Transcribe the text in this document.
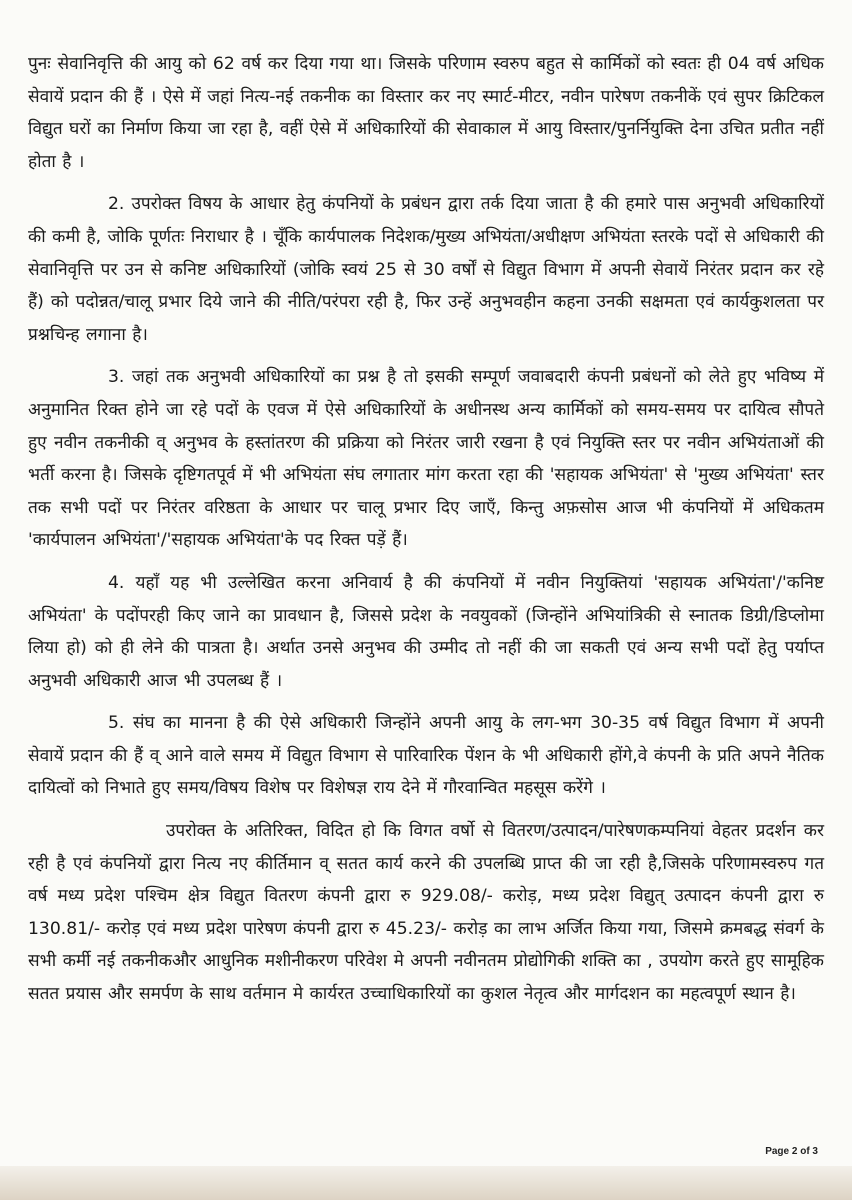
पुनः सेवानिवृत्ति की आयु को 62 वर्ष कर दिया गया था। जिसके परिणाम स्वरुप बहुत से कार्मिकों को स्वतः ही 04 वर्ष अधिक सेवायें प्रदान की हैं । ऐसे में जहां नित्य-नई तकनीक का विस्तार कर नए स्मार्ट-मीटर, नवीन पारेषण तकनीकें एवं सुपर क्रिटिकल विद्युत घरों का निर्माण किया जा रहा है, वहीं ऐसे में अधिकारियों की सेवाकाल में आयु विस्तार/पुनर्नियुक्ति देना उचित प्रतीत नहीं होता है ।

2. उपरोक्त विषय के आधार हेतु कंपनियों के प्रबंधन द्वारा तर्क दिया जाता है की हमारे पास अनुभवी अधिकारियों की कमी है, जोकि पूर्णतः निराधार है । चूँकि कार्यपालक निदेशक/मुख्य अभियंता/अधीक्षण अभियंता स्तरके पदों से अधिकारी की सेवानिवृत्ति पर उन से कनिष्ट अधिकारियों (जोकि स्वयं 25 से 30 वर्षों से विद्युत विभाग में अपनी सेवायें निरंतर प्रदान कर रहे हैं) को पदोन्नत/चालू प्रभार दिये जाने की नीति/परंपरा रही है, फिर उन्हें अनुभवहीन कहना उनकी सक्षमता एवं कार्यकुशलता पर प्रश्नचिन्ह लगाना है।

3. जहां तक अनुभवी अधिकारियों का प्रश्न है तो इसकी सम्पूर्ण जवाबदारी कंपनी प्रबंधनों को लेते हुए भविष्य में अनुमानित रिक्त होने जा रहे पदों के एवज में ऐसे अधिकारियों के अधीनस्थ अन्य कार्मिकों को समय-समय पर दायित्व सौपते हुए नवीन तकनीकी व् अनुभव के हस्तांतरण की प्रक्रिया को निरंतर जारी रखना है एवं नियुक्ति स्तर पर नवीन अभियंताओं की भर्ती करना है। जिसके दृष्टिगतपूर्व में भी अभियंता संघ लगातार मांग करता रहा की 'सहायक अभियंता' से 'मुख्य अभियंता' स्तर तक सभी पदों पर निरंतर वरिष्ठता के आधार पर चालू प्रभार दिए जाएँ, किन्तु अफ़सोस आज भी कंपनियों में अधिकतम 'कार्यपालन अभियंता'/'सहायक अभियंता'के पद रिक्त पड़ें हैं।

4. यहाँ यह भी उल्लेखित करना अनिवार्य है की कंपनियों में नवीन नियुक्तियां 'सहायक अभियंता'/'कनिष्ट अभियंता' के पदोंपरही किए जाने का प्रावधान है, जिससे प्रदेश के नवयुवकों (जिन्होंने अभियांत्रिकी से स्नातक डिग्री/डिप्लोमा लिया हो) को ही लेने की पात्रता है। अर्थात उनसे अनुभव की उम्मीद तो नहीं की जा सकती एवं अन्य सभी पदों हेतु पर्याप्त अनुभवी अधिकारी आज भी उपलब्ध हैं ।

5. संघ का मानना है की ऐसे अधिकारी जिन्होंने अपनी आयु के लग-भग 30-35 वर्ष विद्युत विभाग में अपनी सेवायें प्रदान की हैं व् आने वाले समय में विद्युत विभाग से पारिवारिक पेंशन के भी अधिकारी होंगे,वे कंपनी के प्रति अपने नैतिक दायित्वों को निभाते हुए समय/विषय विशेष पर विशेषज्ञ राय देने में गौरवान्वित महसूस करेंगे ।

उपरोक्त के अतिरिक्त, विदित हो कि विगत वर्षो से वितरण/उत्पादन/पारेषणकम्पनियां वेहतर प्रदर्शन कर रही है एवं कंपनियों द्वारा नित्य नए कीर्तिमान व् सतत कार्य करने की उपलब्धि प्राप्त की जा रही है,जिसके परिणामस्वरुप गत वर्ष मध्य प्रदेश पश्चिम क्षेत्र विद्युत वितरण कंपनी द्वारा रु 929.08/- करोड़, मध्य प्रदेश विद्युत् उत्पादन कंपनी द्वारा रु 130.81/- करोड़ एवं मध्य प्रदेश पारेषण कंपनी द्वारा रु 45.23/- करोड़ का लाभ अर्जित किया गया, जिसमे क्रमबद्ध संवर्ग के सभी कर्मी नई तकनीकऔर आधुनिक मशीनीकरण परिवेश मे अपनी नवीनतम प्रोद्योगिकी शक्ति का , उपयोग करते हुए सामूहिक सतत प्रयास और समर्पण के साथ वर्तमान मे कार्यरत उच्चाधिकारियों का कुशल नेतृत्व और मार्गदशन का महत्वपूर्ण स्थान है।

Page 2 of 3
